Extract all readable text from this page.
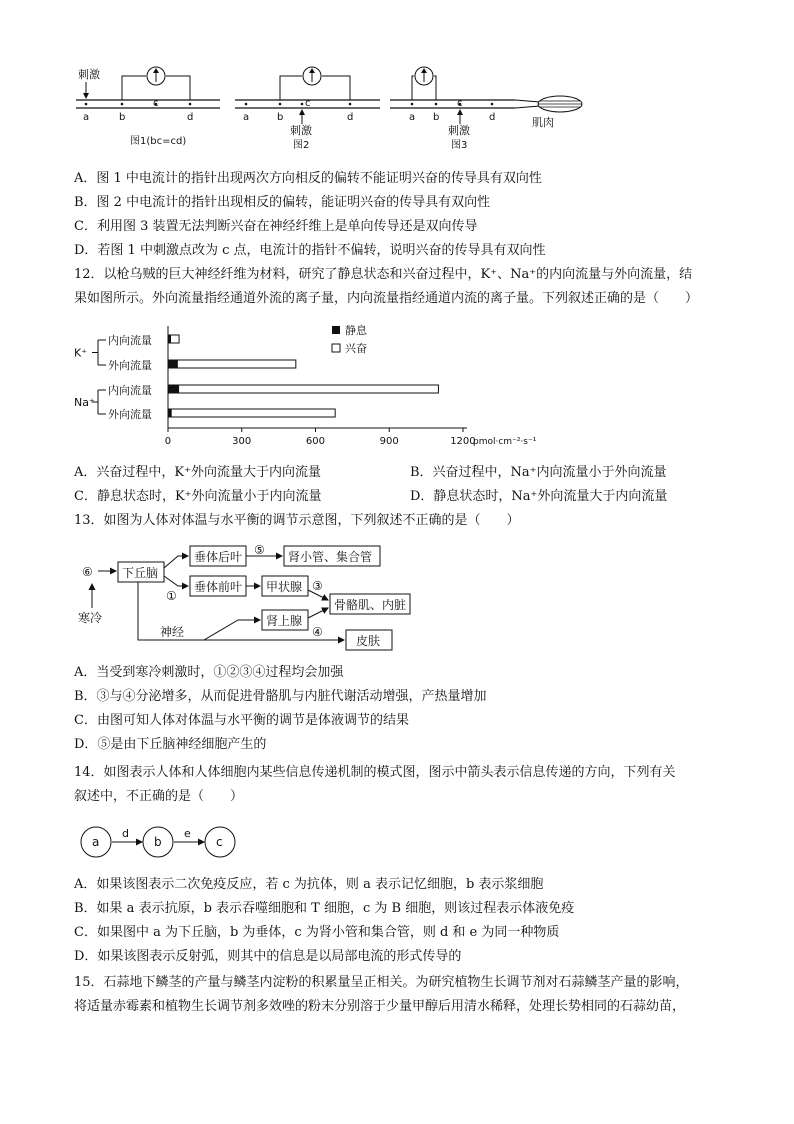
刺激
a	b
c
d
图1(bc=cd)
a	b
c
d
刺激
图2
a b
c
d
刺激
图3
肌肉
A．图 1 中电流计的指针出现两次方向相反的偏转不能证明兴奋的传导具有双向性
B．图 2 中电流计的指针出现相反的偏转，能证明兴奋的传导具有双向性
C．利用图 3 装置无法判断兴奋在神经纤维上是单向传导还是双向传导
D．若图 1 中刺激点改为 c 点，电流计的指针不偏转，说明兴奋的传导具有双向性
12．以枪乌贼的巨大神经纤维为材料，研究了静息状态和兴奋过程中，K⁺、Na⁺的内向流量与外向流量，结
果如图所示。外向流量指经通道外流的离子量，内向流量指经通道内流的离子量。下列叙述正确的是（　　）
0	300	600	900	1200
pmol·cm⁻²·s⁻¹
K⁺
Na⁺
内向流量
外向流量
内向流量
外向流量
静息
兴奋
A．兴奋过程中，K⁺外向流量大于内向流量	B．兴奋过程中，Na⁺内向流量小于外向流量
C．静息状态时，K⁺外向流量小于内向流量	D．静息状态时，Na⁺外向流量大于内向流量
13．如图为人体对体温与水平衡的调节示意图，下列叙述不正确的是（　　）
⑥ 下丘脑
寒冷
垂体后叶 ⑤ 肾小管、集合管
①
垂体前叶 甲状腺 ③
骨骼肌、内脏
肾上腺
④
神经
皮肤
A．当受到寒冷刺激时，①②③④过程均会加强
B．③与④分泌增多，从而促进骨骼肌与内脏代谢活动增强，产热量增加
C．由图可知人体对体温与水平衡的调节是体液调节的结果
D．⑤是由下丘脑神经细胞产生的
14．如图表示人体和人体细胞内某些信息传递机制的模式图，图示中箭头表示信息传递的方向，下列有关
叙述中，不正确的是（　　）
a
d
b
e
c
A．如果该图表示二次免疫反应，若 c 为抗体，则 a 表示记忆细胞，b 表示浆细胞
B．如果 a 表示抗原，b 表示吞噬细胞和 T 细胞，c 为 B 细胞，则该过程表示体液免疫
C．如果图中 a 为下丘脑，b 为垂体，c 为肾小管和集合管，则 d 和 e 为同一种物质
D．如果该图表示反射弧，则其中的信息是以局部电流的形式传导的
15．石蒜地下鳞茎的产量与鳞茎内淀粉的积累量呈正相关。为研究植物生长调节剂对石蒜鳞茎产量的影响，
将适量赤霉素和植物生长调节剂多效唑的粉末分别溶于少量甲醇后用清水稀释，处理长势相同的石蒜幼苗，
